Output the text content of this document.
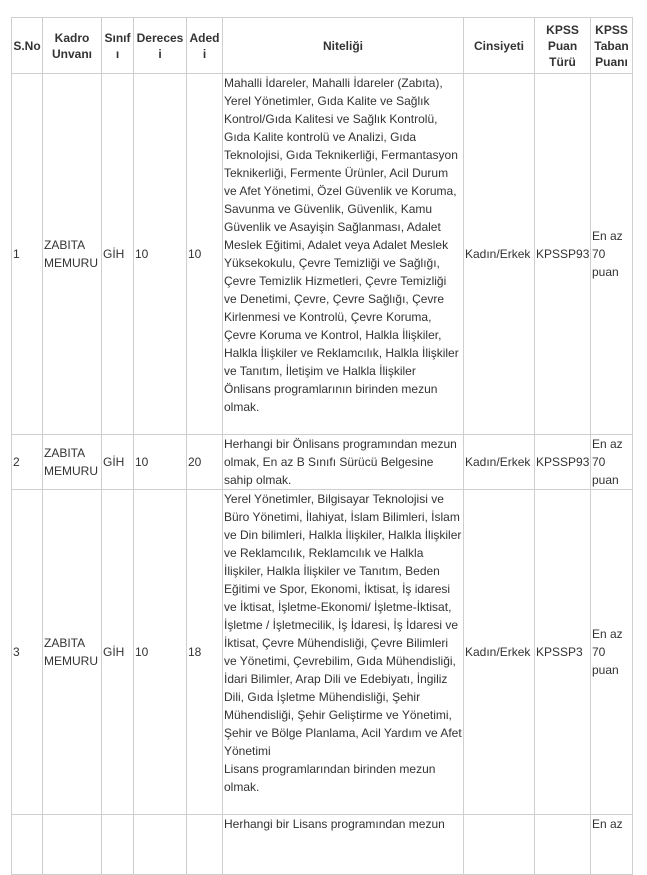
S.No	Kadro Unvanı	Sınıfı	Derecesi	Adedi	Niteliği	Cinsiyeti	KPSS Puan Türü	KPSS Taban Puanı
1	ZABITA MEMURU	GİH	10	10	Mahalli İdareler, Mahalli İdareler (Zabıta), Yerel Yönetimler, Gıda Kalite ve Sağlık Kontrol/Gıda Kalitesi ve Sağlık Kontrolü, Gıda Kalite kontrolü ve Analizi, Gıda Teknolojisi, Gıda Teknikerliği, Fermantasyon Teknikerliği, Fermente Ürünler, Acil Durum ve Afet Yönetimi, Özel Güvenlik ve Koruma, Savunma ve Güvenlik, Güvenlik, Kamu Güvenlik ve Asayişin Sağlanması, Adalet Meslek Eğitimi, Adalet veya Adalet Meslek Yüksekokulu, Çevre Temizliği ve Sağlığı, Çevre Temizlik Hizmetleri, Çevre Temizliği ve Denetimi, Çevre, Çevre Sağlığı, Çevre Kirlenmesi ve Kontrolü, Çevre Koruma, Çevre Koruma ve Kontrol, Halkla İlişkiler, Halkla İlişkiler ve Reklamcılık, Halkla İlişkiler ve Tanıtım, İletişim ve Halkla İlişkiler Önlisans programlarının birinden mezun olmak.	Kadın/Erkek	KPSSP93	En az 70 puan
2	ZABITA MEMURU	GİH	10	20	Herhangi bir Önlisans programından mezun olmak, En az B Sınıfı Sürücü Belgesine sahip olmak.	Kadın/Erkek	KPSSP93	En az 70 puan
3	ZABITA MEMURU	GİH	10	18	Yerel Yönetimler, Bilgisayar Teknolojisi ve Büro Yönetimi, İlahiyat, İslam Bilimleri, İslam ve Din bilimleri, Halkla İlişkiler, Halkla İlişkiler ve Reklamcılık, Reklamcılık ve Halkla İlişkiler, Halkla İlişkiler ve Tanıtım, Beden Eğitimi ve Spor, Ekonomi, İktisat, İş idaresi ve İktisat, İşletme-Ekonomi/ İşletme-İktisat, İşletme / İşletmecilik, İş İdaresi, İş İdaresi ve İktisat, Çevre Mühendisliği, Çevre Bilimleri ve Yönetimi, Çevrebilim, Gıda Mühendisliği, İdari Bilimler, Arap Dili ve Edebiyatı, İngiliz Dili, Gıda İşletme Mühendisliği, Şehir Mühendisliği, Şehir Geliştirme ve Yönetimi, Şehir ve Bölge Planlama, Acil Yardım ve Afet Yönetimi
Lisans programlarından birinden mezun olmak.	Kadın/Erkek	KPSSP3	En az 70 puan
					Herhangi bir Lisans programından mezun			En az
